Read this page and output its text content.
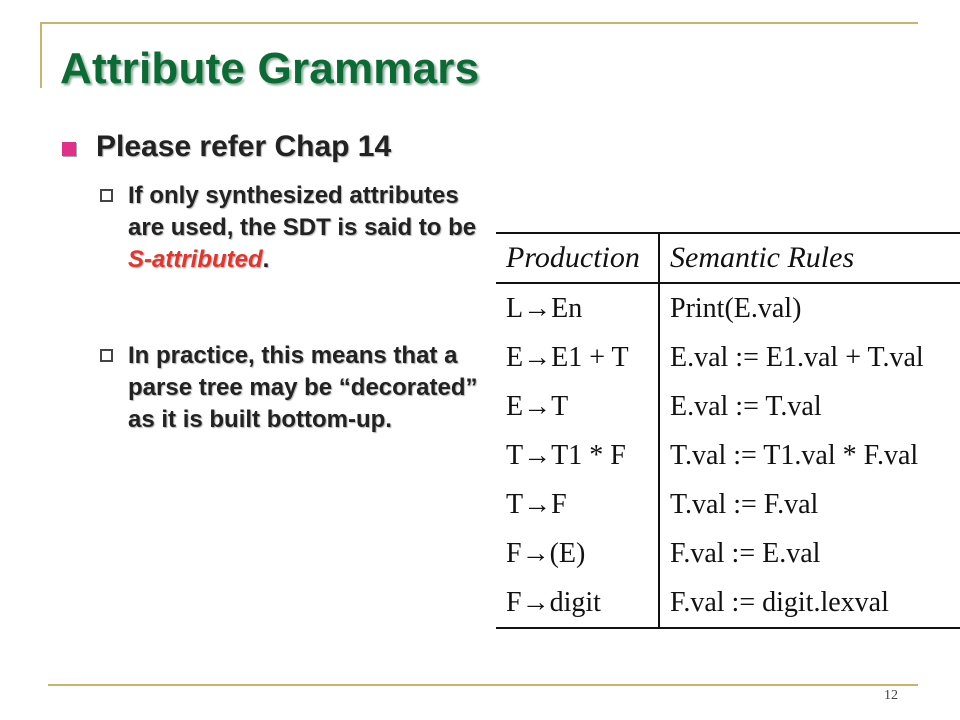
Attribute Grammars
Please refer Chap 14
If only synthesized attributes are used, the SDT is said to be S-attributed.
In practice, this means that a parse tree may be “decorated” as it is built bottom-up.
Production	Semantic Rules
L→En	Print(E.val)
E→E1 + T	E.val := E1.val + T.val
E→T	E.val := T.val
T→T1 * F	T.val := T1.val * F.val
T→F	T.val := F.val
F→(E)	F.val := E.val
F→digit	F.val := digit.lexval
12
